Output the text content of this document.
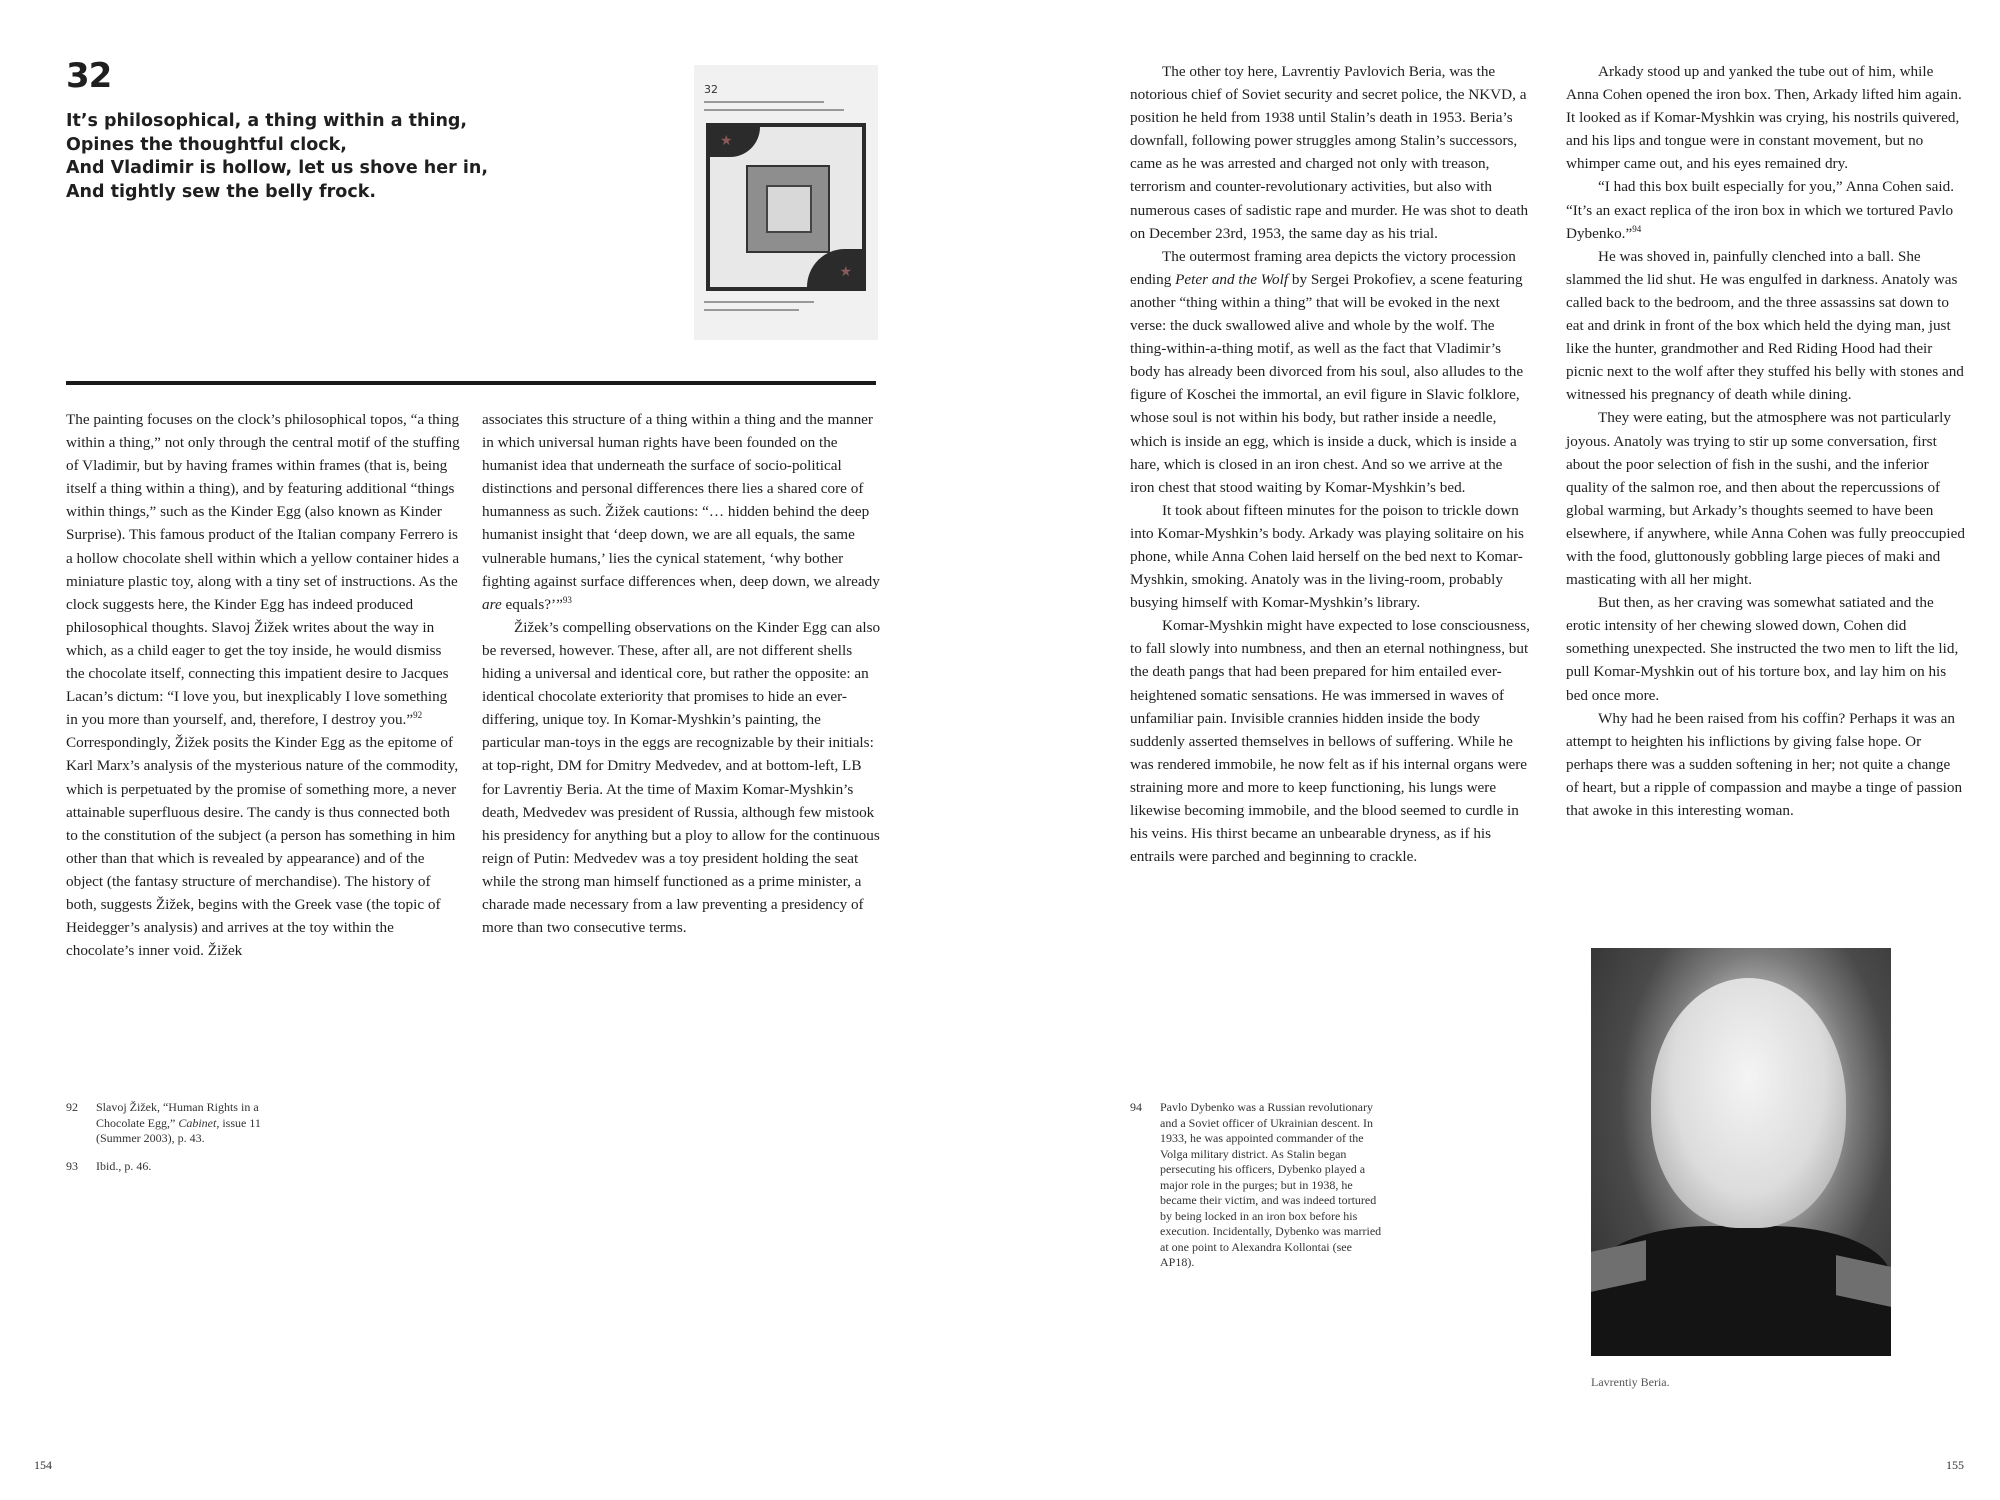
32
It’s philosophical, a thing within a thing,
Opines the thoughtful clock,
And Vladimir is hollow, let us shove her in,
And tightly sew the belly frock.
32
★
★

The painting focuses on the clock’s philosophical topos, “a thing within a thing,” not only through the central motif of the stuffing of Vladimir, but by having frames within frames (that is, being itself a thing within a thing), and by featuring additional “things within things,” such as the Kinder Egg (also known as Kinder Surprise). This famous product of the Italian company Ferrero is a hollow chocolate shell within which a yellow container hides a miniature plastic toy, along with a tiny set of instructions. As the clock suggests here, the Kinder Egg has indeed produced philosophical thoughts. Slavoj Žižek writes about the way in which, as a child eager to get the toy inside, he would dismiss the chocolate itself, connecting this impatient desire to Jacques Lacan’s dictum: “I love you, but inexplicably I love something in you more than yourself, and, therefore, I destroy you.”$^{92}$ Correspondingly, Žižek posits the Kinder Egg as the epitome of Karl Marx’s analysis of the mysterious nature of the commodity, which is perpetuated by the promise of something more, a never attainable superfluous desire. The candy is thus connected both to the constitution of the subject (a person has something in him other than that which is revealed by appearance) and of the object (the fantasy structure of merchandise). The history of both, suggests Žižek, begins with the Greek vase (the topic of Heidegger’s analysis) and arrives at the toy within the chocolate’s inner void. Žižek

associates this structure of a thing within a thing and the manner in which universal human rights have been founded on the humanist idea that underneath the surface of socio-political distinctions and personal differences there lies a shared core of humanness as such. Žižek cautions: “… hidden behind the deep humanist insight that ‘deep down, we are all equals, the same vulnerable humans,’ lies the cynical statement, ‘why bother fighting against surface differences when, deep down, we already are equals?’”$^{93}$

Žižek’s compelling observations on the Kinder Egg can also be reversed, however. These, after all, are not different shells hiding a universal and identical core, but rather the opposite: an identical chocolate exteriority that promises to hide an ever-differing, unique toy. In Komar-Myshkin’s painting, the particular man-toys in the eggs are recognizable by their initials: at top-right, DM for Dmitry Medvedev, and at bottom-left, LB for Lavrentiy Beria. At the time of Maxim Komar-Myshkin’s death, Medvedev was president of Russia, although few mistook his presidency for anything but a ploy to allow for the continuous reign of Putin: Medvedev was a toy president holding the seat while the strong man himself functioned as a prime minister, a charade made necessary from a law preventing a presidency of more than two consecutive terms.

92	Slavoj Žižek, “Human Rights in a Chocolate Egg,” Cabinet, issue 11 (Summer 2003), p. 43.
93	Ibid., p. 46.
154

The other toy here, Lavrentiy Pavlovich Beria, was the notorious chief of Soviet security and secret police, the NKVD, a position he held from 1938 until Stalin’s death in 1953. Beria’s downfall, following power struggles among Stalin’s successors, came as he was arrested and charged not only with treason, terrorism and counter-revolutionary activities, but also with numerous cases of sadistic rape and murder. He was shot to death on December 23rd, 1953, the same day as his trial.

The outermost framing area depicts the victory procession ending Peter and the Wolf by Sergei Prokofiev, a scene featuring another “thing within a thing” that will be evoked in the next verse: the duck swallowed alive and whole by the wolf. The thing-within-a-thing motif, as well as the fact that Vladimir’s body has already been divorced from his soul, also alludes to the figure of Koschei the immortal, an evil figure in Slavic folklore, whose soul is not within his body, but rather inside a needle, which is inside an egg, which is inside a duck, which is inside a hare, which is closed in an iron chest. And so we arrive at the iron chest that stood waiting by Komar-Myshkin’s bed.

It took about fifteen minutes for the poison to trickle down into Komar-Myshkin’s body. Arkady was playing solitaire on his phone, while Anna Cohen laid herself on the bed next to Komar-Myshkin, smoking. Anatoly was in the living-room, probably busying himself with Komar-Myshkin’s library.

Komar-Myshkin might have expected to lose consciousness, to fall slowly into numbness, and then an eternal nothingness, but the death pangs that had been prepared for him entailed ever-heightened somatic sensations. He was immersed in waves of unfamiliar pain. Invisible crannies hidden inside the body suddenly asserted themselves in bellows of suffering. While he was rendered immobile, he now felt as if his internal organs were straining more and more to keep functioning, his lungs were likewise becoming immobile, and the blood seemed to curdle in his veins. His thirst became an unbearable dryness, as if his entrails were parched and beginning to crackle.

Arkady stood up and yanked the tube out of him, while Anna Cohen opened the iron box. Then, Arkady lifted him again. It looked as if Komar-Myshkin was crying, his nostrils quivered, and his lips and tongue were in constant movement, but no whimper came out, and his eyes remained dry.

“I had this box built especially for you,” Anna Cohen said. “It’s an exact replica of the iron box in which we tortured Pavlo Dybenko.”$^{94}$

He was shoved in, painfully clenched into a ball. She slammed the lid shut. He was engulfed in darkness. Anatoly was called back to the bedroom, and the three assassins sat down to eat and drink in front of the box which held the dying man, just like the hunter, grandmother and Red Riding Hood had their picnic next to the wolf after they stuffed his belly with stones and witnessed his pregnancy of death while dining.

They were eating, but the atmosphere was not particularly joyous. Anatoly was trying to stir up some conversation, first about the poor selection of fish in the sushi, and the inferior quality of the salmon roe, and then about the repercussions of global warming, but Arkady’s thoughts seemed to have been elsewhere, if anywhere, while Anna Cohen was fully preoccupied with the food, gluttonously gobbling large pieces of maki and masticating with all her might.

But then, as her craving was somewhat satiated and the erotic intensity of her chewing slowed down, Cohen did something unexpected. She instructed the two men to lift the lid, pull Komar-Myshkin out of his torture box, and lay him on his bed once more.

Why had he been raised from his coffin? Perhaps it was an attempt to heighten his inflictions by giving false hope. Or perhaps there was a sudden softening in her; not quite a change of heart, but a ripple of compassion and maybe a tinge of passion that awoke in this interesting woman.

94	Pavlo Dybenko was a Russian revolutionary and a Soviet officer of Ukrainian descent. In 1933, he was appointed commander of the Volga military district. As Stalin began persecuting his officers, Dybenko played a major role in the purges; but in 1938, he became their victim, and was indeed tortured by being locked in an iron box before his execution. Incidentally, Dybenko was married at one point to Alexandra Kollontai (see AP18).
Lavrentiy Beria.
155
